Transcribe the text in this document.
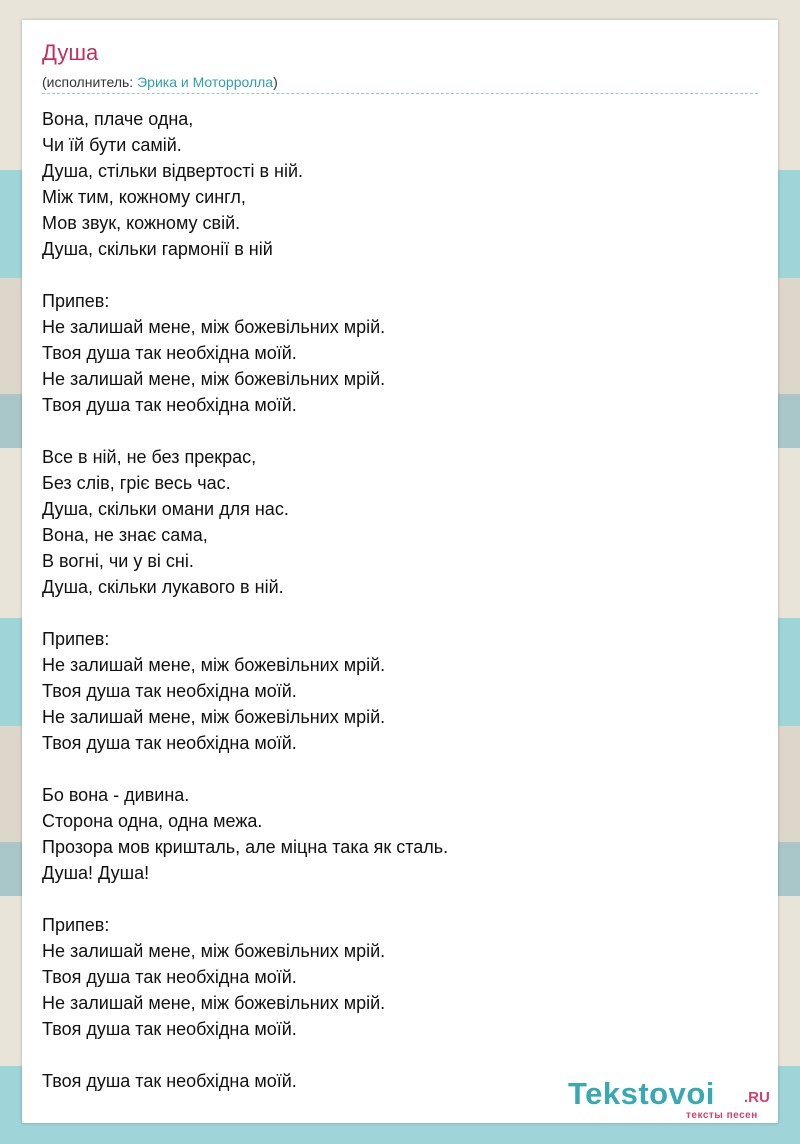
Душа
(исполнитель: Эрика и Моторролла)
Вона, плаче одна,
Чи їй бути самій.
Душа, стільки відвертості в ній.
Між тим, кожному сингл,
Мов звук, кожному свій.
Душа, скільки гармонії в ній
Припев:
Не залишай мене, між божевільних мрій.
Твоя душа так необхідна моїй.
Не залишай мене, між божевільних мрій.
Твоя душа так необхідна моїй.
Все в ній, не без прекрас,
Без слів, гріє весь час.
Душа, скільки омани для нас.
Вона, не знає сама,
В вогні, чи у ві сні.
Душа, скільки лукавого в ній.
Припев:
Не залишай мене, між божевільних мрій.
Твоя душа так необхідна моїй.
Не залишай мене, між божевільних мрій.
Твоя душа так необхідна моїй.
Бо вона - дивина.
Сторона одна, одна межа.
Прозора мов кришталь, але міцна така як сталь.
Душа! Душа!
Припев:
Не залишай мене, між божевільних мрій.
Твоя душа так необхідна моїй.
Не залишай мене, між божевільних мрій.
Твоя душа так необхідна моїй.
Твоя душа так необхідна моїй.	Tekstovoi .RU
тексты песен
